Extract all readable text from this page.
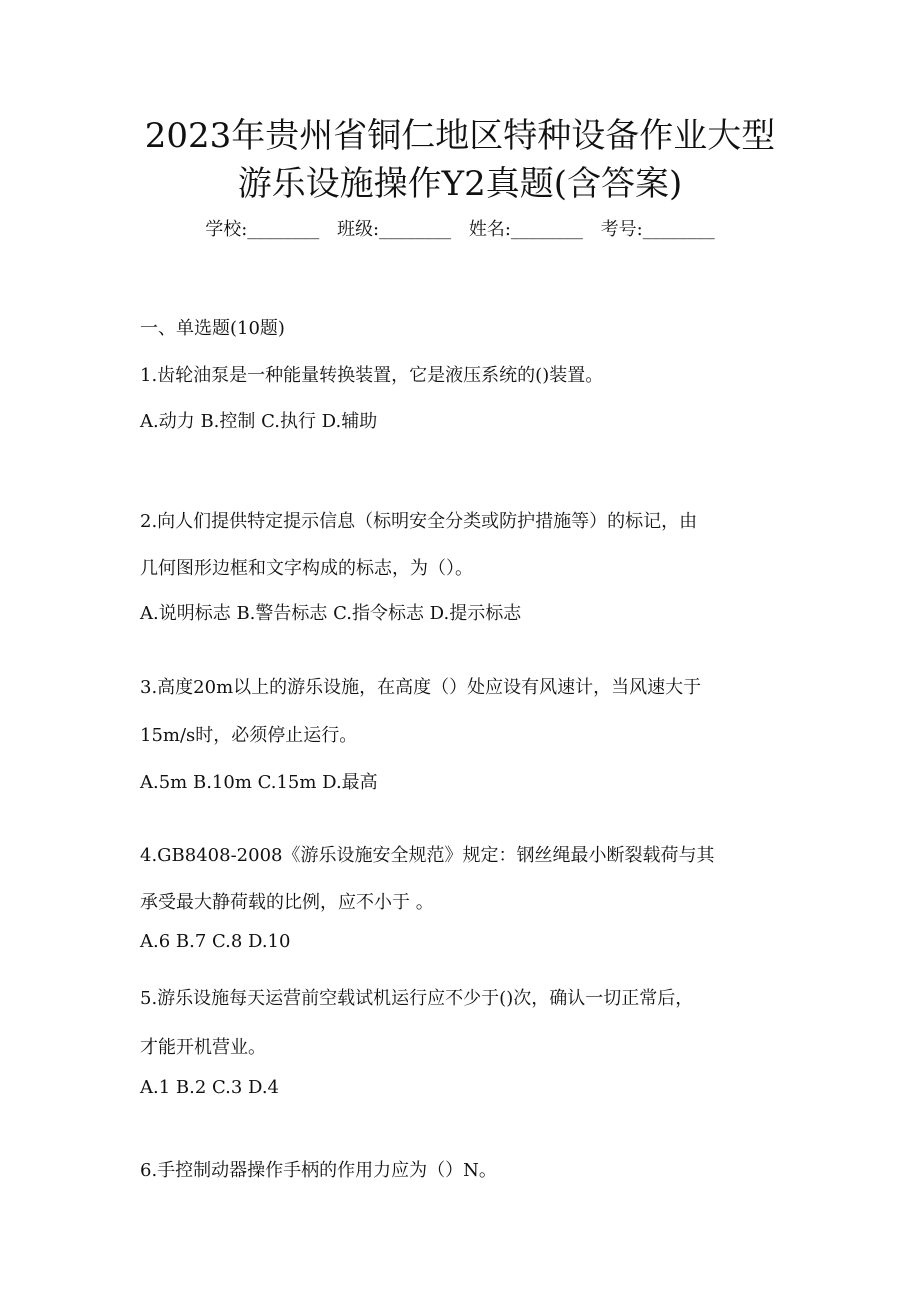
2023年贵州省铜仁地区特种设备作业大型
游乐设施操作Y2真题(含答案)
学校:________ 班级:________ 姓名:________ 考号:________
一、单选题(10题)
1.齿轮油泵是一种能量转换装置，它是液压系统的()装置。
A.动力 B.控制 C.执行 D.辅助
2.向人们提供特定提示信息（标明安全分类或防护措施等）的标记，由
几何图形边框和文字构成的标志，为（）。
A.说明标志 B.警告标志 C.指令标志 D.提示标志
3.高度20m以上的游乐设施，在高度（）处应设有风速计，当风速大于
15m/s时，必须停止运行。
A.5m B.10m C.15m D.最高
4.GB8408-2008《游乐设施安全规范》规定：钢丝绳最小断裂载荷与其
承受最大静荷载的比例，应不小于 。
A.6 B.7 C.8 D.10
5.游乐设施每天运营前空载试机运行应不少于()次，确认一切正常后，
才能开机营业。
A.1 B.2 C.3 D.4
6.手控制动器操作手柄的作用力应为（）N。
